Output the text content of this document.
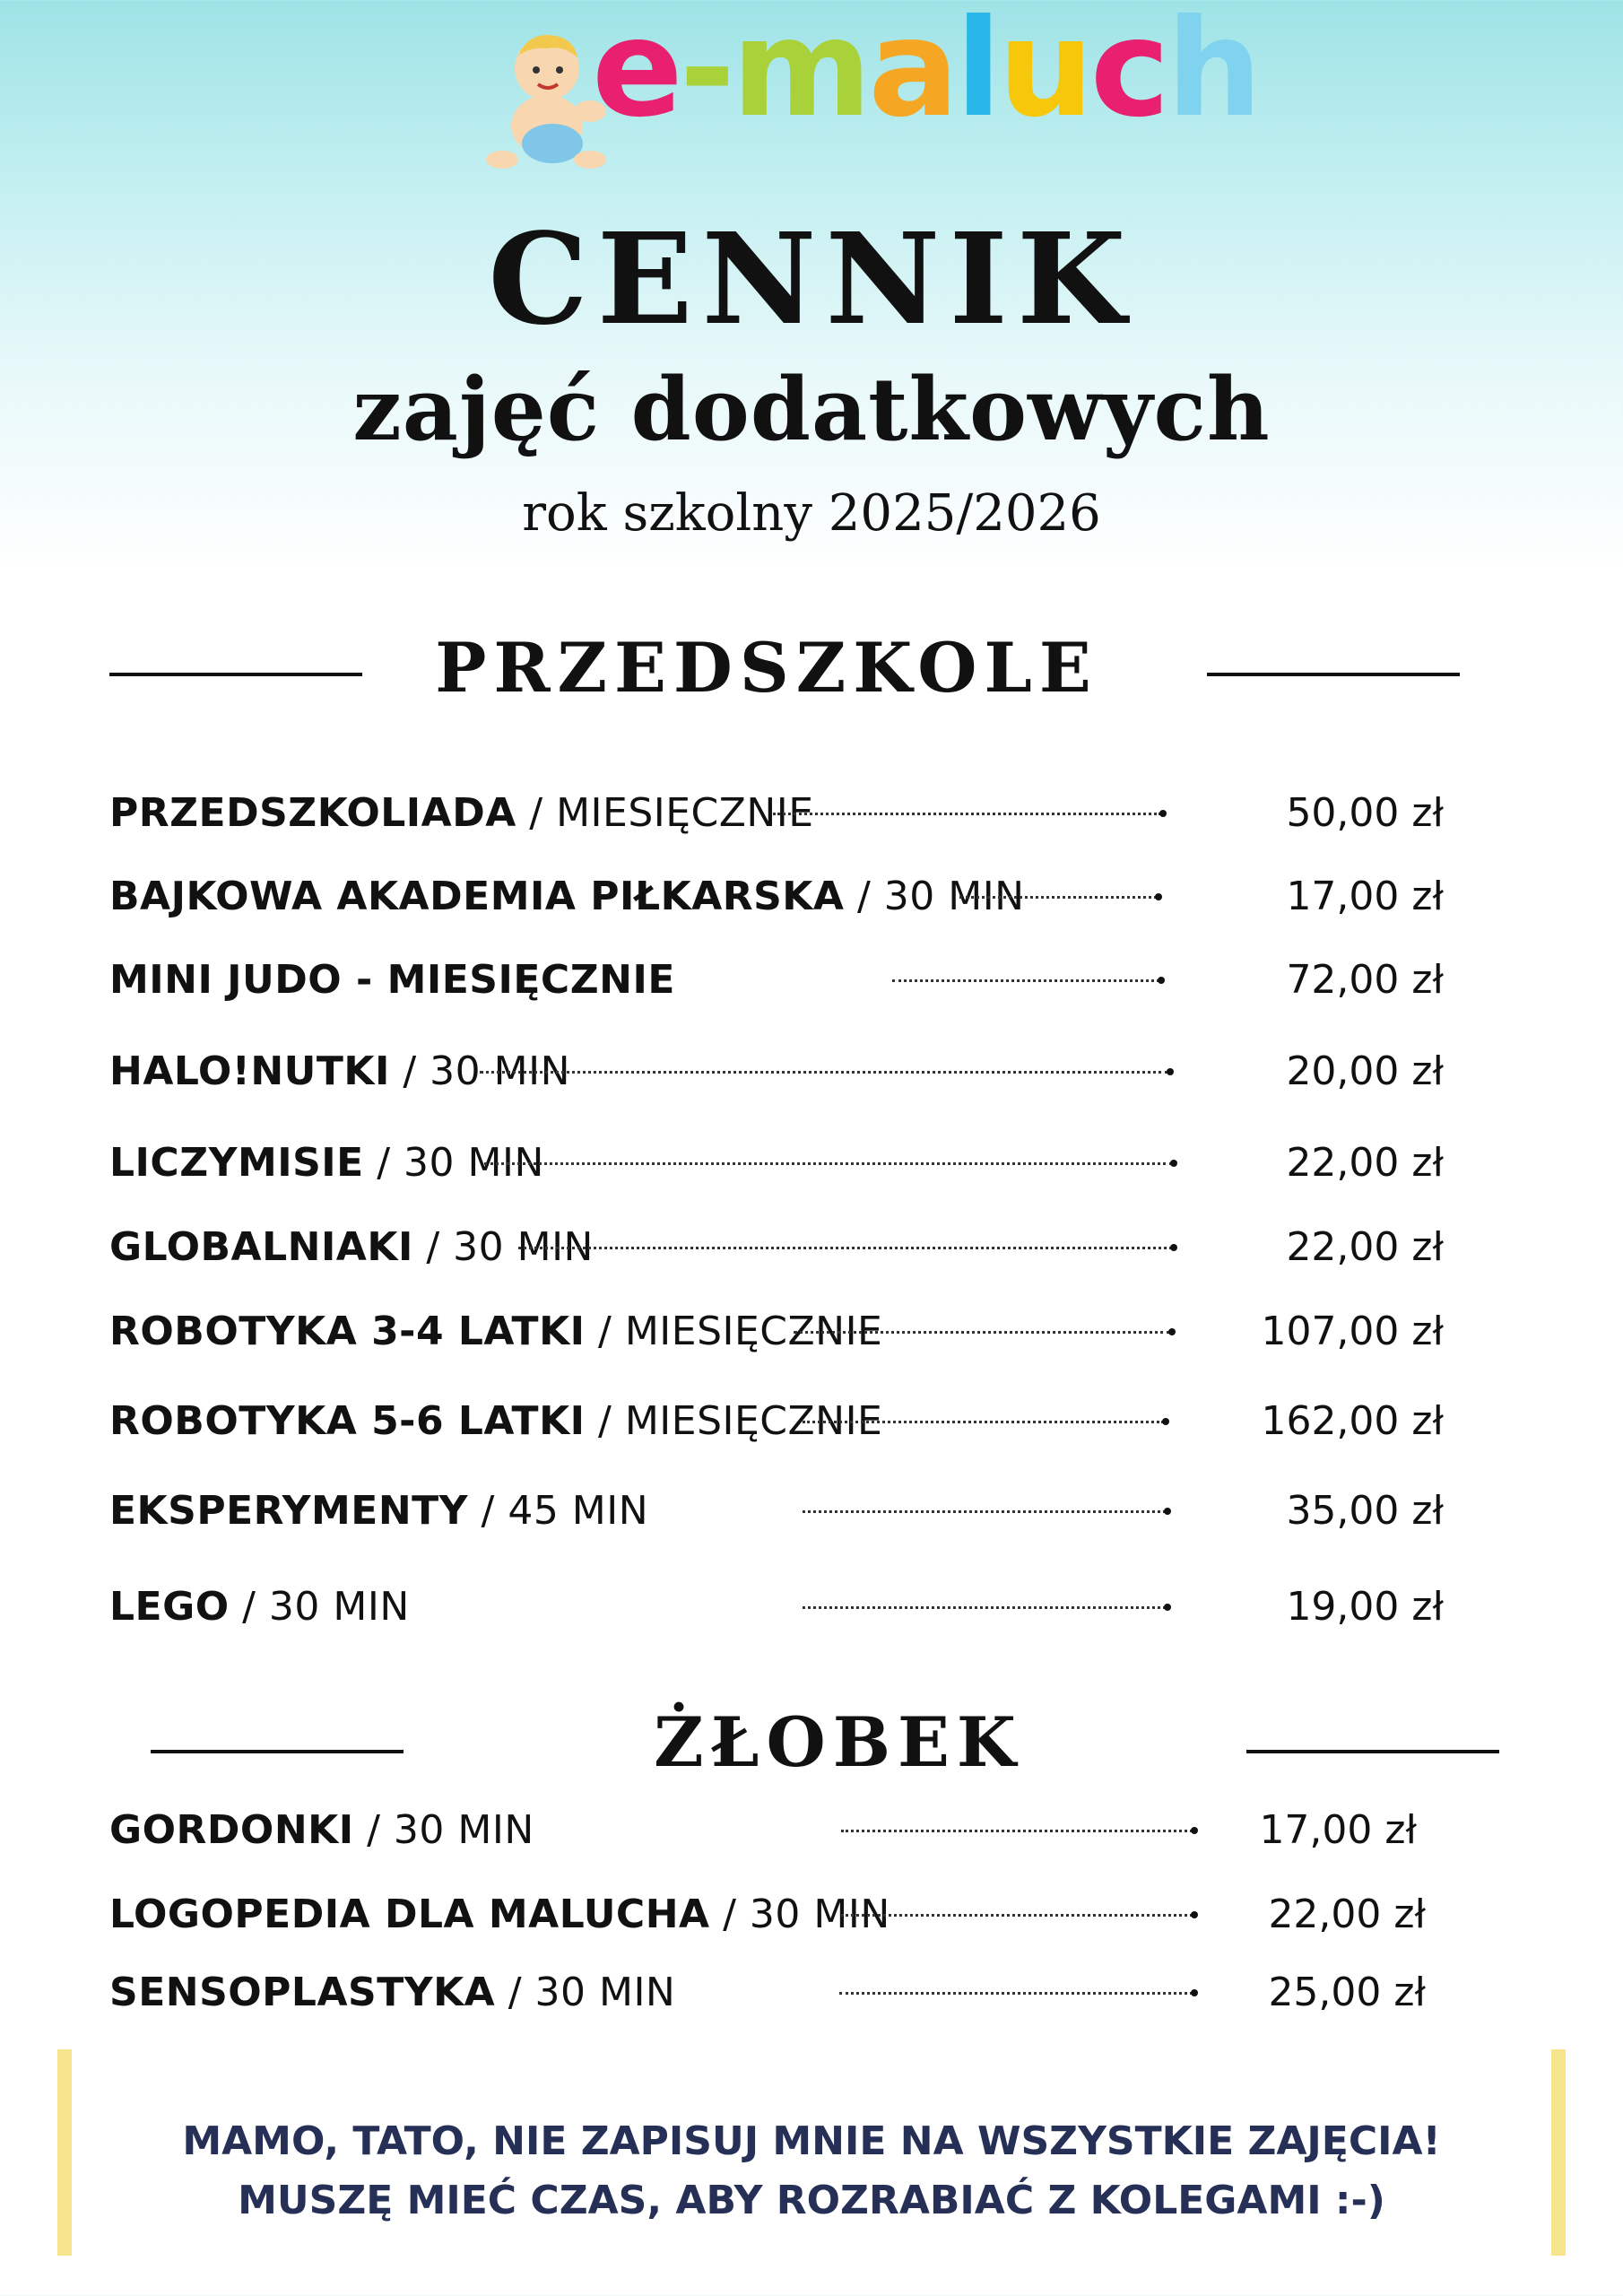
e-maluch
CENNIK
zajęć dodatkowych
rok szkolny 2025/2026
PRZEDSZKOLE
PRZEDSZKOLIADA / MIESIĘCZNIE	50,00 zł
BAJKOWA AKADEMIA PIŁKARSKA / 30 MIN	17,00 zł
MINI JUDO - MIESIĘCZNIE	72,00 zł
HALO!NUTKI / 30 MIN	20,00 zł
LICZYMISIE / 30 MIN	22,00 zł
GLOBALNIAKI / 30 MIN	22,00 zł
ROBOTYKA 3-4 LATKI / MIESIĘCZNIE	107,00 zł
ROBOTYKA 5-6 LATKI / MIESIĘCZNIE	162,00 zł
EKSPERYMENTY / 45 MIN	35,00 zł
LEGO / 30 MIN	19,00 zł
ŻŁOBEK
GORDONKI / 30 MIN	17,00 zł
LOGOPEDIA DLA MALUCHA / 30 MIN	22,00 zł
SENSOPLASTYKA / 30 MIN	25,00 zł
MAMO, TATO, NIE ZAPISUJ MNIE NA WSZYSTKIE ZAJĘCIA!
MUSZĘ MIEĆ CZAS, ABY ROZRABIAĆ Z KOLEGAMI :-)
